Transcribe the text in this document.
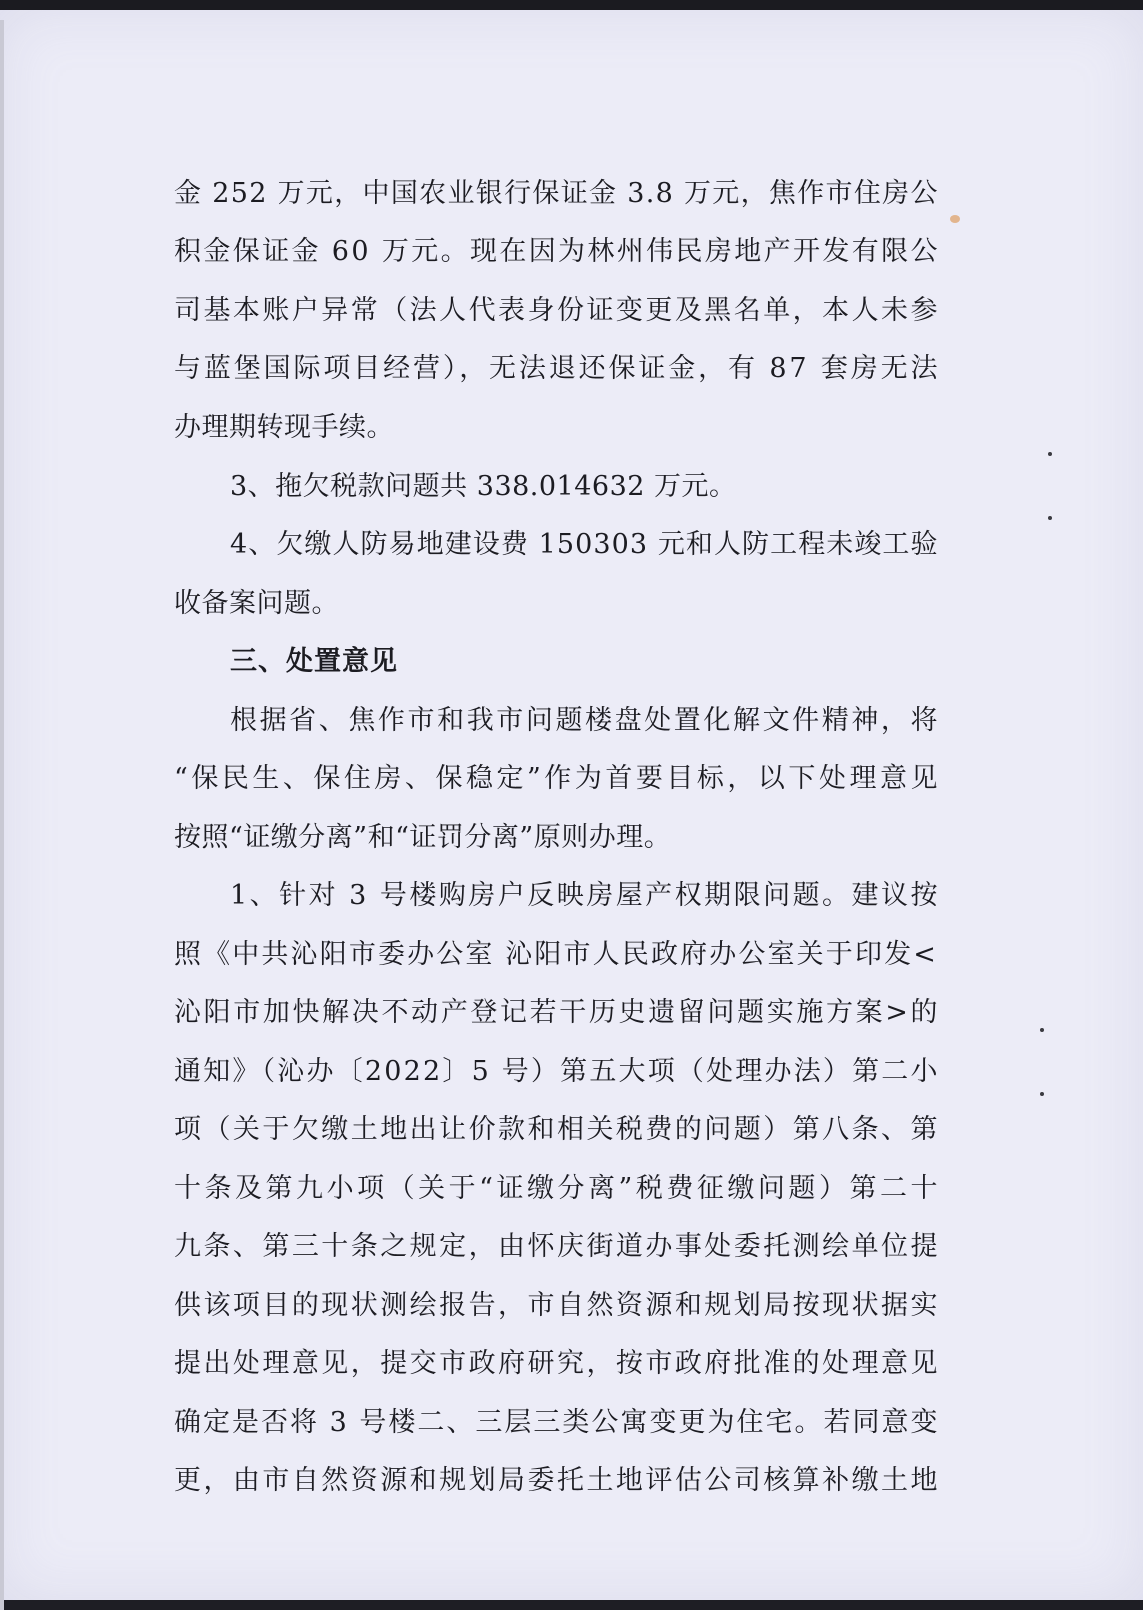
金 252 万元，中国农业银行保证金 3.8 万元，焦作市住房公
积金保证金 60 万元。现在因为林州伟民房地产开发有限公
司基本账户异常（法人代表身份证变更及黑名单，本人未参
与蓝堡国际项目经营），无法退还保证金，有 87 套房无法
办理期转现手续。
3、拖欠税款问题共 338.014632 万元。
4、欠缴人防易地建设费 150303 元和人防工程未竣工验
收备案问题。
三、处置意见
根据省、焦作市和我市问题楼盘处置化解文件精神，将
“保民生、保住房、保稳定”作为首要目标，以下处理意见
按照“证缴分离”和“证罚分离”原则办理。
1、针对 3 号楼购房户反映房屋产权期限问题。建议按
照《中共沁阳市委办公室 沁阳市人民政府办公室关于印发<
沁阳市加快解决不动产登记若干历史遗留问题实施方案>的
通知》（沁办〔2022〕5 号）第五大项（处理办法）第二小
项（关于欠缴土地出让价款和相关税费的问题）第八条、第
十条及第九小项（关于“证缴分离”税费征缴问题）第二十
九条、第三十条之规定，由怀庆街道办事处委托测绘单位提
供该项目的现状测绘报告，市自然资源和规划局按现状据实
提出处理意见，提交市政府研究，按市政府批准的处理意见
确定是否将 3 号楼二、三层三类公寓变更为住宅。若同意变
更，由市自然资源和规划局委托土地评估公司核算补缴土地
